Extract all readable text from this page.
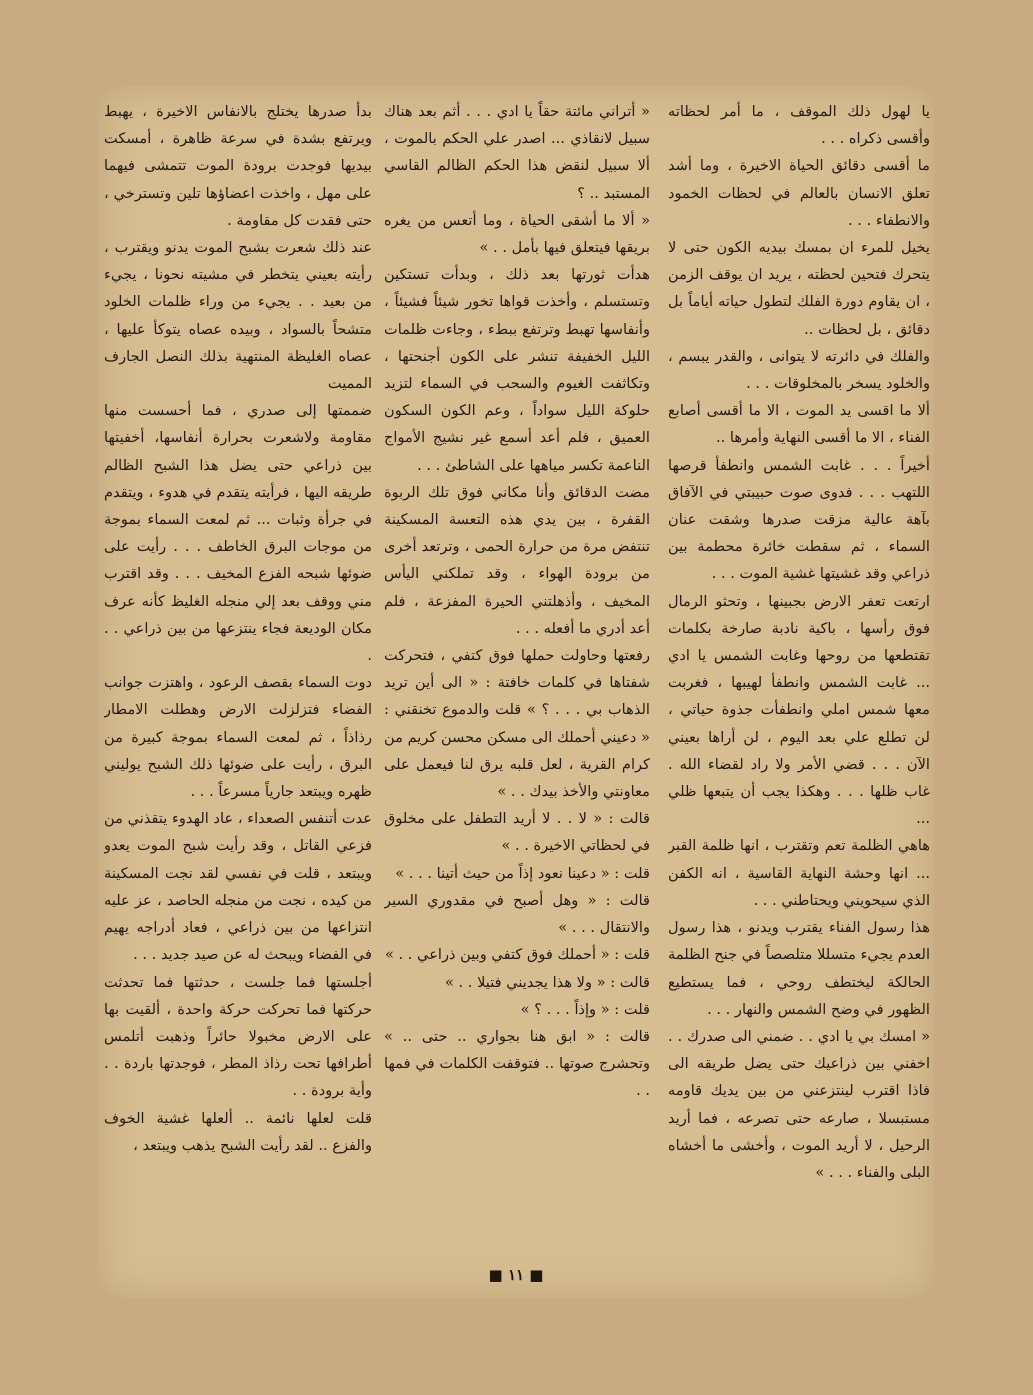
يا لهول ذلك الموقف ، ما أمر لحظاته وأقسى ذكراه . . .

ما أقسى دقائق الحياة الاخيرة ، وما أشد تعلق الانسان بالعالم في لحظات الخمود والانطفاء . . .

يخيل للمرء ان بمسك بيديه الكون حتى لا يتحرك فتحين لحظته ، يريد ان يوقف الزمن ، ان يقاوم دورة الفلك لتطول حياته أياماً بل دقائق ، بل لحظات ..

والفلك في دائرته لا يتوانى ، والقدر يبسم ، والخلود يسخر بالمخلوقات . . .

ألا ما اقسى يد الموت ، الا ما أقسى أصابع الفناء ، الا ما أقسى النهاية وأمرها ..

أخيراً . . . غابت الشمس وانطفأ قرصها اللتهب . . . فدوى صوت حبيبتي في الآفاق بآهة عالية مزقت صدرها وشقت عنان السماء ، ثم سقطت خائرة محطمة بين ذراعي وقد غشيتها غشية الموت . . .

ارتعت تعفر الارض بجبينها ، وتحثو الرمال فوق رأسها ، باكية نادبة صارخة بكلمات تقتطعها من روحها وغابت الشمس يا ادي ... غابت الشمس وانطفأ لهيبها ، فغربت معها شمس املي وانطفأت جذوة حياتي ، لن تطلع علي بعد اليوم ، لن أراها بعيني الآن . . . قضي الأمر ولا راد لقضاء الله . غاب ظلها . . . وهكذا يجب أن يتبعها ظلي ...

هاهي الظلمة تعم وتقترب ، انها ظلمة القبر ... انها وحشة النهاية القاسية ، انه الكفن الذي سيحويني ويحتاطني . . .

هذا رسول الفناء يقترب ويدنو ، هذا رسول العدم يجيء متسللا متلصصاً في جنح الظلمة الحالكة ليختطف روحي ، فما يستطيع الظهور في وضح الشمس والنهار . . .

« امسك بي يا ادي . . ضمني الى صدرك . . اخفني بين ذراعيك حتى يضل طريقه الى فاذا اقترب لينتزعني من بين يديك قاومه مستبسلا ، صارعه حتى تصرعه ، فما أريد الرحيل ، لا أريد الموت ، وأخشى ما أخشاه البلى والفناء . . . »

« أتراني مائتة حقاً يا ادي . . . أثم بعد هناك سبيل لانقاذي ... اصدر علي الحكم بالموت ، ألا سبيل لنقض هذا الحكم الظالم القاسي المستبد .. ؟

« ألا ما أشقى الحياة ، وما أتعس من يغره بريقها فيتعلق فيها بأمل . . »

هدأت ثورتها بعد ذلك ، وبدأت تستكين وتستسلم ، وأخذت قواها تخور شيئاً فشيئاً ، وأنفاسها تهبط وترتفع ببطء ، وجاءت ظلمات الليل الخفيفة تنشر على الكون أجنحتها ، وتكاثفت الغيوم والسحب في السماء لتزيد حلوكة الليل سواداً ، وعم الكون السكون العميق ، فلم أعد أسمع غير نشيج الأمواج الناعمة تكسر مياهها على الشاطئ . . .

مضت الدقائق وأنا مكاني فوق تلك الربوة القفرة ، بين يدي هذه التعسة المسكينة تنتفض مرة من حرارة الحمى ، وترتعد أخرى من برودة الهواء ، وقد تملكني اليأس المخيف ، وأذهلتني الحيرة المفزعة ، فلم أعد أدري ما أفعله . . .

رفعتها وحاولت حملها فوق كتفي ، فتحركت شفتاها في كلمات خافتة : « الى أين تريد الذهاب بي . . . ؟ » قلت والدموع تخنقني : « دعيني أحملك الى مسكن محسن كريم من كرام القرية ، لعل قلبه يرق لنا فيعمل على معاونتي والأخذ بيدك . . »

قالت : « لا . . لا أريد التطفل على مخلوق في لحظاتي الاخيرة . . »

قلت : « دعينا نعود إذاً من حيث أتينا . . . »

قالت : « وهل أصبح في مقدوري السير والانتقال . . . »

قلت : « أحملك فوق كتفي وبين ذراعي . . »

قالت : « ولا هذا يجديني فتيلا . . »

قلت : « وإذاً . . . ؟ »

قالت : « ابق هنا بجواري .. حتى .. » وتحشرج صوتها .. فتوقفت الكلمات في فمها . .

بدأ صدرها يختلج بالانفاس الاخيرة ، يهبط ويرتفع بشدة في سرعة ظاهرة ، أمسكت بيديها فوجدت برودة الموت تتمشى فيهما على مهل ، واخذت اعضاؤها تلين وتسترخي ، حتى فقدت كل مقاومة .

عند ذلك شعرت بشبح الموت يدنو ويقترب ، رأيته بعيني يتخطر في مشيته نحونا ، يجيء من بعيد . . يجيء من وراء ظلمات الخلود متشحاً بالسواد ، وبيده عصاه يتوكأ عليها ، عصاه الغليظة المنتهية بذلك النصل الجارف المميت

ضممتها إلى صدري ، فما أحسست منها مقاومة ولاشعرت بحرارة أنفاسها، أخفيتها بين ذراعي حتى يضل هذا الشبح الظالم طريقه اليها ، فرأيته يتقدم في هدوء ، ويتقدم في جرأة وثبات ... ثم لمعت السماء بموجة من موجات البرق الخاطف . . . رأيت على ضوئها شبحه الفزع المخيف . . . وقد اقترب مني ووقف بعد إلي منجله الغليظ كأنه عرف مكان الوديعة فجاء ينتزعها من بين ذراعي . . .

دوت السماء بقصف الرعود ، واهتزت جوانب الفضاء فتزلزلت الارض وهطلت الامطار رذاذاً ، ثم لمعت السماء بموجة كبيرة من البرق ، رأيت على ضوئها ذلك الشبح يوليني ظهره ويبتعد جارياً مسرعاً . . .

عدت أتنفس الصعداء ، عاد الهدوء يتقذني من فزعي القاتل ، وقد رأيت شبح الموت يعدو ويبتعد ، قلت في نفسي لقد نجت المسكينة من كيده ، نجت من منجله الحاصد ، عز عليه انتزاعها من بين ذراعي ، فعاد أدراجه يهيم في الفضاء ويبحث له عن صيد جديد . . .

أجلستها فما جلست ، حدثتها فما تحدثت حركتها فما تحركت حركة واحدة ، ألقيت بها على الارض مخبولا حائراً وذهبت أتلمس أطرافها تحت رذاذ المطر ، فوجدتها باردة . . وأية برودة . .

قلت لعلها نائمة .. ألعلها غشية الخوف والفزع .. لقد رأيت الشبح يذهب ويبتعد ،

■ ١١ ■
